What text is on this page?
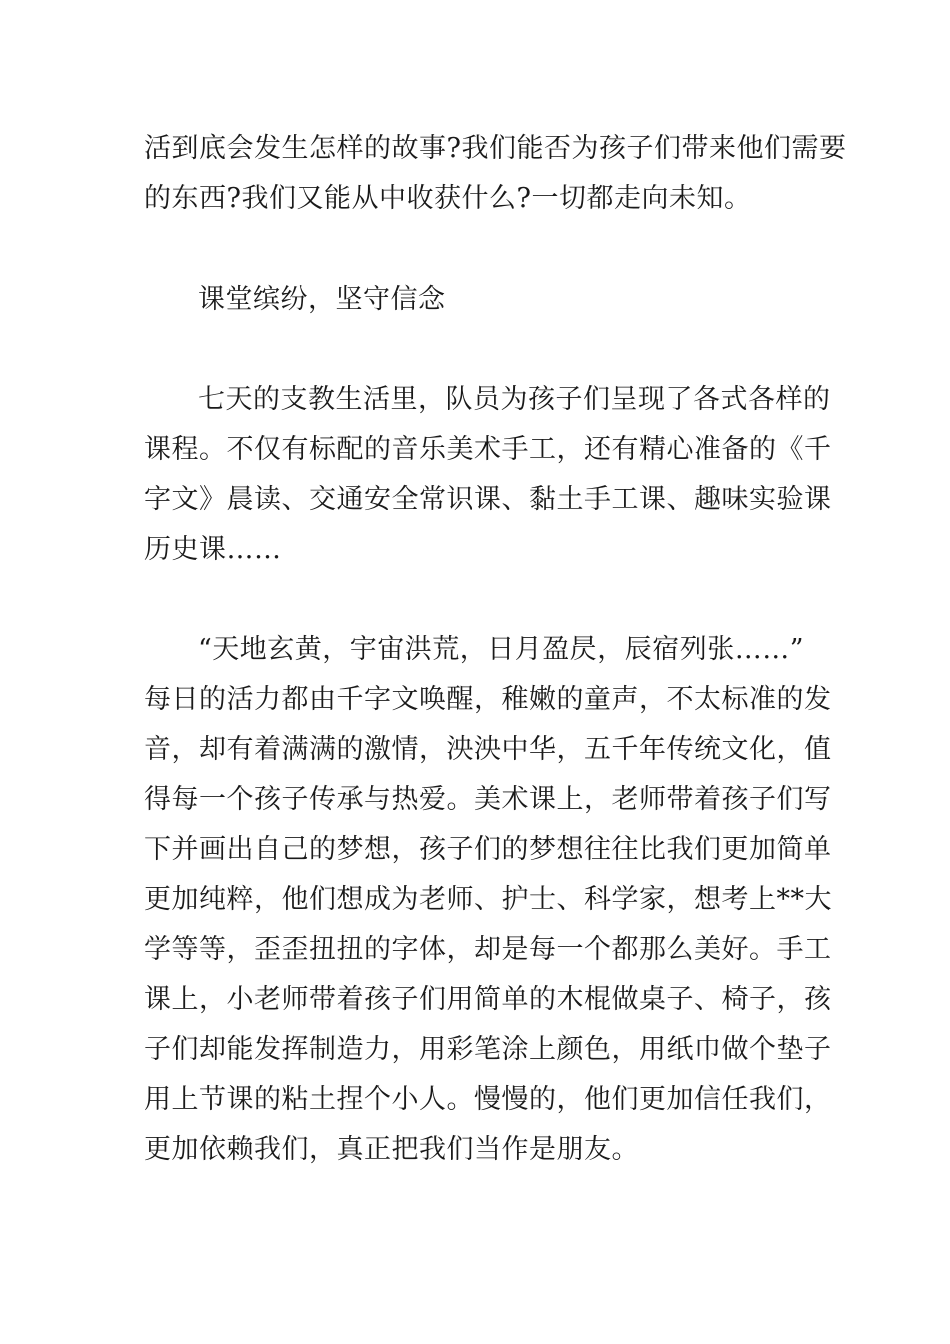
活到底会发生怎样的故事?我们能否为孩子们带来他们需要
的东西?我们又能从中收获什么?一切都走向未知。
课堂缤纷，坚守信念
七天的支教生活里，队员为孩子们呈现了各式各样的
课程。不仅有标配的音乐美术手工，还有精心准备的《千
字文》晨读、交通安全常识课、黏土手工课、趣味实验课
历史课……
“天地玄黄，宇宙洪荒，日月盈昃，辰宿列张……”
每日的活力都由千字文唤醒，稚嫩的童声，不太标准的发
音，却有着满满的激情，泱泱中华，五千年传统文化，值
得每一个孩子传承与热爱。美术课上，老师带着孩子们写
下并画出自己的梦想，孩子们的梦想往往比我们更加简单
更加纯粹，他们想成为老师、护士、科学家，想考上**大
学等等，歪歪扭扭的字体，却是每一个都那么美好。手工
课上，小老师带着孩子们用简单的木棍做桌子、椅子，孩
子们却能发挥制造力，用彩笔涂上颜色，用纸巾做个垫子
用上节课的粘土捏个小人。慢慢的，他们更加信任我们，
更加依赖我们，真正把我们当作是朋友。
